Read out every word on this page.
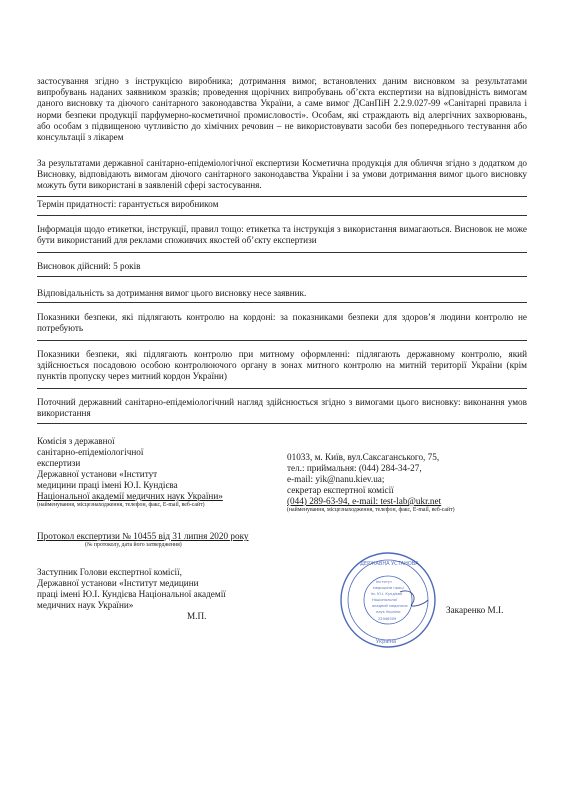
застосування згідно з інструкцією виробника; дотримання вимог, встановлених даним висновком за результатами випробувань наданих заявником зразків; проведення щорічних випробувань об’єкта експертизи на відповідність вимогам даного висновку та діючого санітарного законодавства України, а саме вимог ДСанПіН 2.2.9.027-99 «Санітарні правила і норми безпеки продукції парфумерно-косметичної промисловості». Особам, які страждають від алергічних захворювань, або особам з підвищеною чутливістю до хімічних речовин – не використовувати засоби без попереднього тестування або консультації з лікарем

За результатами державної санітарно-епідеміологічної експертизи Косметична продукція для обличчя згідно з додатком до Висновку, відповідають вимогам діючого санітарного законодавства України і за умови дотримання вимог цього висновку можуть бути використані в заявленій сфері застосування.

Термін придатності: гарантується виробником

Інформація щодо етикетки, інструкції, правил тощо: етикетка та інструкція з використання вимагаються. Висновок не може бути використаний для реклами споживчих якостей об’єкту експертизи

Висновок дійсний: 5 років

Відповідальність за дотримання вимог цього висновку несе заявник.

Показники безпеки, які підлягають контролю на кордоні: за показниками безпеки для здоров’я людини контролю не потребують

Показники безпеки, які підлягають контролю при митному оформленні: підлягають державному контролю, який здійснюється посадовою особою контролюючого органу в зонах митного контролю на митній території України (крім пунктів пропуску через митний кордон України)

Поточний державний санітарно-епідеміологічний нагляд здійснюється згідно з вимогами цього висновку: виконання умов використання

Комісія з державної
санітарно-епідеміологічної
експертизи
Державної установи «Інститут
медицини праці імені Ю.І. Кундієва
Національної академії медичних наук України»
(найменування, місцезнаходження, телефон, факс, E-mail, веб-сайт)
01033, м. Київ, вул.Саксаганського, 75,
тел.: приймальня: (044) 284-34-27,
e-mail: yik@nanu.kiev.ua;
секретар експертної комісії
(044) 289-63-94, e-mail: test-lab@ukr.net
(найменування, місцезнаходження, телефон, факс, E-mail, веб-сайт)
Протокол експертизи № 10455 від 31 липня 2020 року
(№ протоколу, дата його затвердження)
Заступник Голови експертної комісії,
Державної установи «Інститут медицини
праці імені Ю.І. Кундієва Національної академії
медичних наук України»
М.П.
Закаренко М.І.
Інститут
медицини праці
ім. Ю.І. Кундієва
Національної
академії медичних
наук України
22946309
ДЕРЖАВНА УСТАНОВА
Україна
